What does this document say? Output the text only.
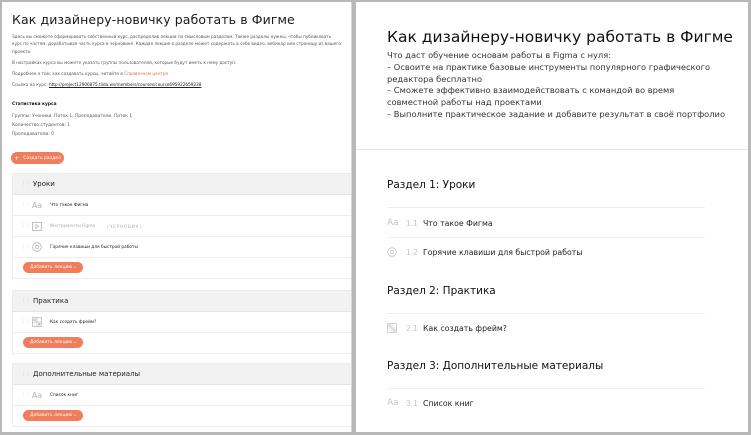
Как дизайнеру-новичку работать в Фигме
Здесь вы сможете сформировать собственный курс, распределив лекции по смысловым разделам. Также разделы нужны, чтобы публиковать курс по частям, дорабатывая часть курса в черновике. Каждая лекция в разделе может содержать в себе видео, вебинар или страницу из вашего проекта.
В настройках курса вы можете указать группы пользователей, которые будут иметь к нему доступ.
Подробнее о том, как создавать курсы, читайте в Справочном центре
Ссылка на курс: http://project12906875.tilda.ws/members/courses/course695922659238
Статистика курса
Группы: Ученики. Поток 1, Преподаватели. Поток 1
Количество студентов: 1
Преподаватели: 0
+ Создать раздел
⋮⋮ Уроки
⋮⋮ Aa Что такое Фигма
⋮⋮	Инструменты Figma	(ЧЕРНОВИК)
⋮⋮	Горячие клавиши для быстрой работы
Добавить лекцию ⌄
⋮⋮ Практика
⋮⋮	Как создать фрейм?
Добавить лекцию ⌄
⋮⋮ Дополнительные материалы
⋮⋮ Aa Список книг
Добавить лекцию ⌄
Как дизайнеру-новичку работать в Фигме
Что даст обучение основам работы в Figma с нуля:
– Освоите на практике базовые инструменты популярного графического редактора бесплатно
– Сможете эффективно взаимодействовать с командой во время совместной работы над проектами
– Выполните практическое задание и добавите результат в своё портфолио
Раздел 1: Уроки
Aa 1.1 Что такое Фигма
1.2 Горячие клавиши для быстрой работы
Раздел 2: Практика
2.1 Как создать фрейм?
Раздел 3: Дополнительные материалы
Aa 3.1 Список книг
